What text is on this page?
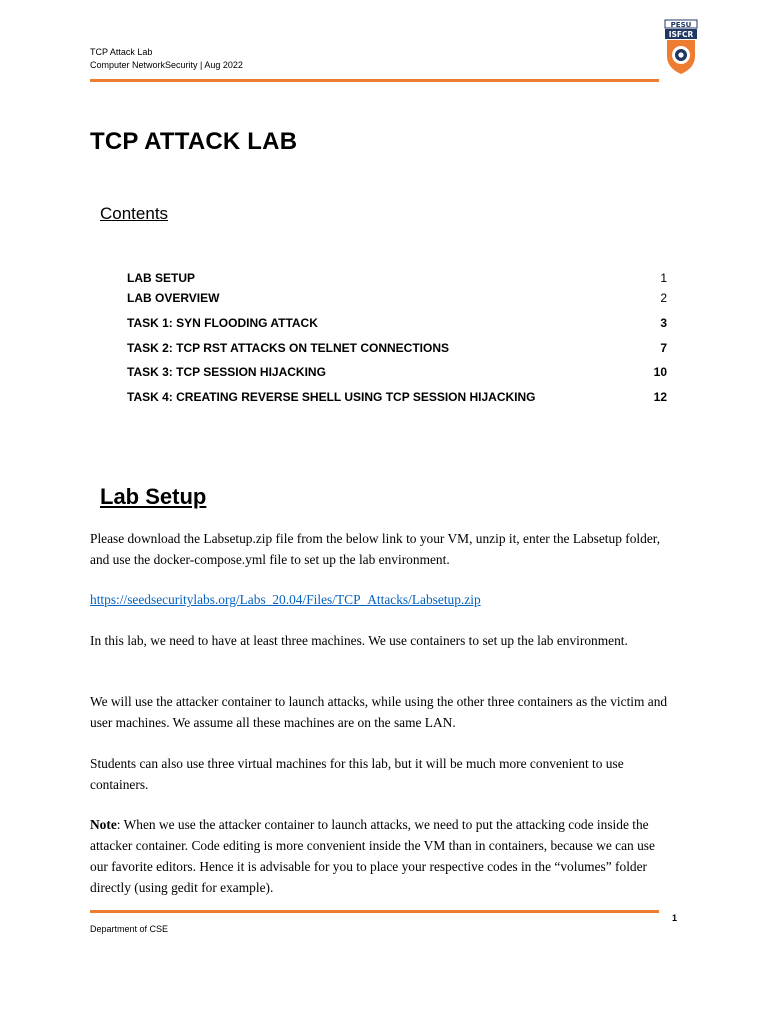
TCP Attack Lab
Computer NetworkSecurity | Aug 2022
PESU
ISFCR
TCP ATTACK LAB
Contents
LAB SETUP	1
LAB OVERVIEW	2
TASK 1: SYN FLOODING ATTACK	3
TASK 2: TCP RST ATTACKS ON TELNET CONNECTIONS	7
TASK 3: TCP SESSION HIJACKING	10
TASK 4: CREATING REVERSE SHELL USING TCP SESSION HIJACKING	12
Lab Setup
Please download the Labsetup.zip file from the below link to your VM, unzip it, enter the Labsetup folder, and use the docker-compose.yml file to set up the lab environment.
https://seedsecuritylabs.org/Labs_20.04/Files/TCP_Attacks/Labsetup.zip
In this lab, we need to have at least three machines. We use containers to set up the lab environment.
We will use the attacker container to launch attacks, while using the other three containers as the victim and user machines. We assume all these machines are on the same LAN.
Students can also use three virtual machines for this lab, but it will be much more convenient to use containers.
Note: When we use the attacker container to launch attacks, we need to put the attacking code inside the attacker container. Code editing is more convenient inside the VM than in containers, because we can use our favorite editors. Hence it is advisable for you to place your respective codes in the “volumes” folder directly (using gedit for example).
1
Department of CSE
